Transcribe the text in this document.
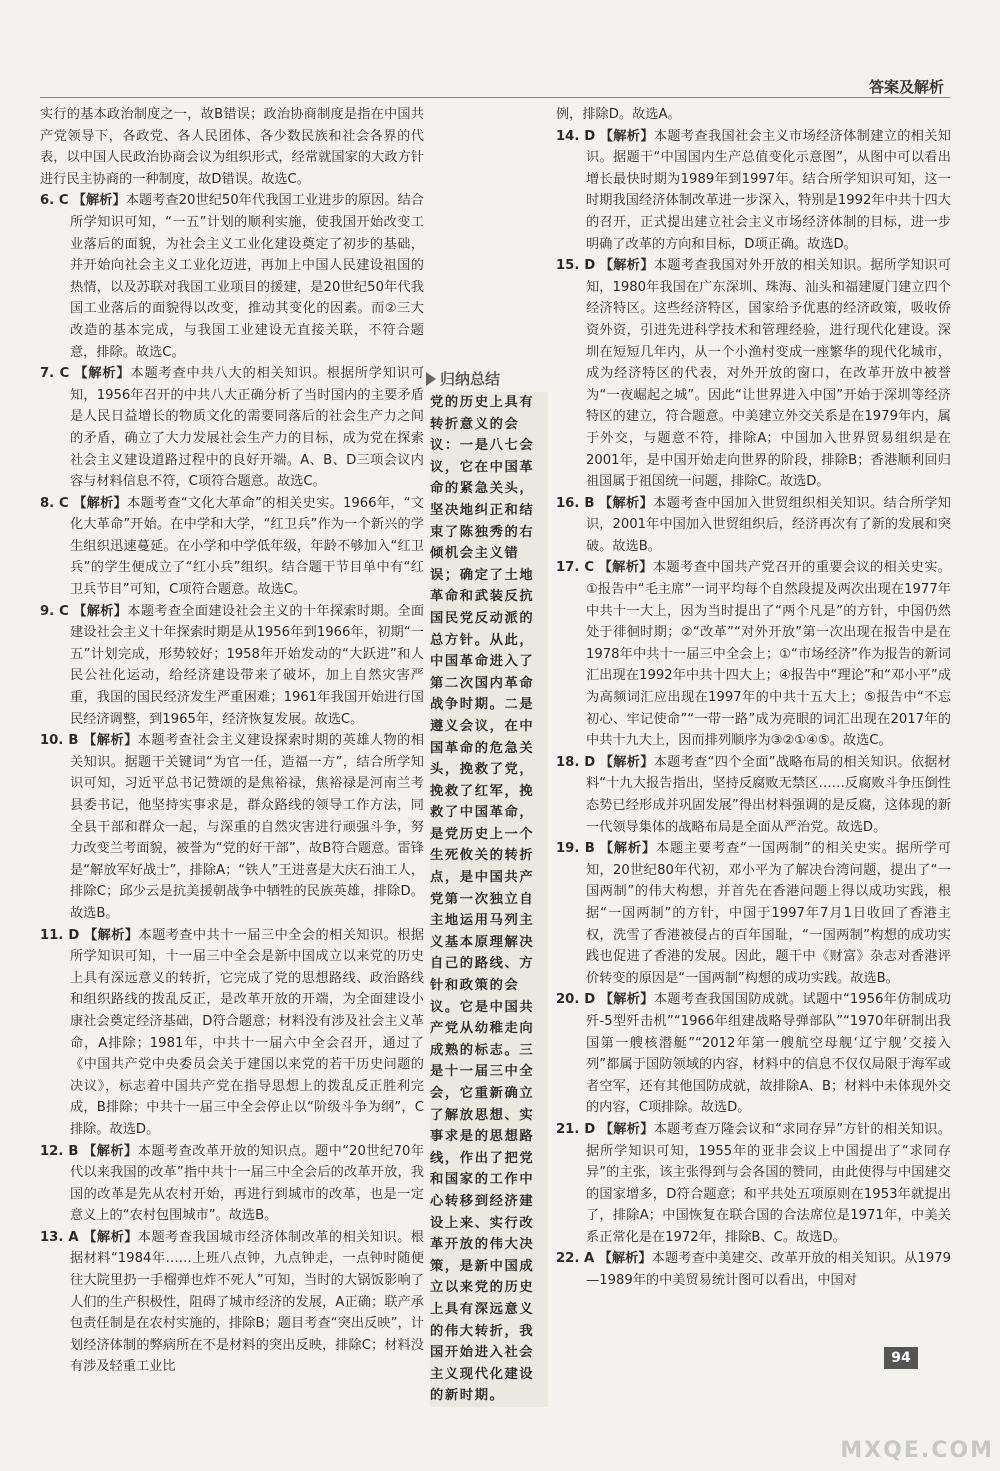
答案及解析

实行的基本政治制度之一，故B错误；政治协商制度是指在中国共产党领导下，各政党、各人民团体、各少数民族和社会各界的代表，以中国人民政治协商会议为组织形式，经常就国家的大政方针进行民主协商的一种制度，故D错误。故选C。

6. C 【解析】本题考查20世纪50年代我国工业进步的原因。结合所学知识可知，“一五”计划的顺利实施，使我国开始改变工业落后的面貌，为社会主义工业化建设奠定了初步的基础，并开始向社会主义工业化迈进，再加上中国人民建设祖国的热情，以及苏联对我国工业项目的援建，是20世纪50年代我国工业落后的面貌得以改变，推动其变化的因素。而②三大改造的基本完成，与我国工业建设无直接关联，不符合题意，排除。故选C。

7. C 【解析】本题考查中共八大的相关知识。根据所学知识可知，1956年召开的中共八大正确分析了当时国内的主要矛盾是人民日益增长的物质文化的需要同落后的社会生产力之间的矛盾，确立了大力发展社会生产力的目标，成为党在探索社会主义建设道路过程中的良好开端。A、B、D三项会议内容与材料信息不符，C项符合题意。故选C。

8. C 【解析】本题考查“文化大革命”的相关史实。1966年，“文化大革命”开始。在中学和大学，“红卫兵”作为一个新兴的学生组织迅速蔓延。在小学和中学低年级，年龄不够加入“红卫兵”的学生便成立了“红小兵”组织。结合题干节目单中有“红卫兵节目”可知，C项符合题意。故选C。

9. C 【解析】本题考查全面建设社会主义的十年探索时期。全面建设社会主义十年探索时期是从1956年到1966年，初期“一五”计划完成，形势较好；1958年开始发动的“大跃进”和人民公社化运动，给经济建设带来了破坏，加上自然灾害严重，我国的国民经济发生严重困难；1961年我国开始进行国民经济调整，到1965年，经济恢复发展。故选C。

10. B 【解析】本题考查社会主义建设探索时期的英雄人物的相关知识。据题干关键词“为官一任，造福一方”，结合所学知识可知，习近平总书记赞颂的是焦裕禄，焦裕禄是河南兰考县委书记，他坚持实事求是，群众路线的领导工作方法，同全县干部和群众一起，与深重的自然灾害进行顽强斗争，努力改变兰考面貌，被誉为“党的好干部”，故B符合题意。雷锋是“解放军好战士”，排除A；“铁人”王进喜是大庆石油工人，排除C；邱少云是抗美援朝战争中牺牲的民族英雄，排除D。故选B。

11. D 【解析】本题考查中共十一届三中全会的相关知识。根据所学知识可知，十一届三中全会是新中国成立以来党的历史上具有深远意义的转折，它完成了党的思想路线、政治路线和组织路线的拨乱反正，是改革开放的开端，为全面建设小康社会奠定经济基础，D符合题意；材料没有涉及社会主义革命，A排除；1981年，中共十一届六中全会召开，通过了《中国共产党中央委员会关于建国以来党的若干历史问题的决议》，标志着中国共产党在指导思想上的拨乱反正胜利完成，B排除；中共十一届三中全会停止以“阶级斗争为纲”，C排除。故选D。

12. B 【解析】本题考查改革开放的知识点。题中“20世纪70年代以来我国的改革”指中共十一届三中全会后的改革开放，我国的改革是先从农村开始，再进行到城市的改革，也是一定意义上的“农村包围城市”。故选B。

13. A 【解析】本题考查我国城市经济体制改革的相关知识。根据材料“1984年……上班八点钟，九点钟走，一点钟时随便往大院里扔一手榴弹也炸不死人”可知，当时的大锅饭影响了人们的生产积极性，阻碍了城市经济的发展，A正确；联产承包责任制是在农村实施的，排除B；题目考查“突出反映”，计划经济体制的弊病所在不是材料的突出反映，排除C；材料没有涉及轻重工业比

归纳总结
党的历史上具有转折意义的会议：一是八七会议，它在中国革命的紧急关头，坚决地纠正和结束了陈独秀的右倾机会主义错误；确定了土地革命和武装反抗国民党反动派的总方针。从此，中国革命进入了第二次国内革命战争时期。二是遵义会议，在中国革命的危急关头，挽救了党，挽救了红军，挽救了中国革命，是党历史上一个生死攸关的转折点，是中国共产党第一次独立自主地运用马列主义基本原理解决自己的路线、方针和政策的会议。它是中国共产党从幼稚走向成熟的标志。三是十一届三中全会，它重新确立了解放思想、实事求是的思想路线，作出了把党和国家的工作中心转移到经济建设上来、实行改革开放的伟大决策，是新中国成立以来党的历史上具有深远意义的伟大转折，我国开始进入社会主义现代化建设的新时期。

例，排除D。故选A。

14. D 【解析】本题考查我国社会主义市场经济体制建立的相关知识。据题干“中国国内生产总值变化示意图”，从图中可以看出增长最快时期为1989年到1997年。结合所学知识可知，这一时期我国经济体制改革进一步深入，特别是1992年中共十四大的召开，正式提出建立社会主义市场经济体制的目标，进一步明确了改革的方向和目标，D项正确。故选D。

15. D 【解析】本题考查我国对外开放的相关知识。据所学知识可知，1980年我国在广东深圳、珠海、汕头和福建厦门建立四个经济特区。这些经济特区，国家给予优惠的经济政策，吸收侨资外资，引进先进科学技术和管理经验，进行现代化建设。深圳在短短几年内，从一个小渔村变成一座繁华的现代化城市，成为经济特区的代表，对外开放的窗口，在改革开放中被誉为“一夜崛起之城”。因此“让世界进入中国”开始于深圳等经济特区的建立，符合题意。中美建立外交关系是在1979年内，属于外交，与题意不符，排除A；中国加入世界贸易组织是在2001年，是中国开始走向世界的阶段，排除B；香港顺利回归祖国属于祖国统一问题，排除C。故选D。

16. B 【解析】本题考查中国加入世贸组织相关知识。结合所学知识，2001年中国加入世贸组织后，经济再次有了新的发展和突破。故选B。

17. C 【解析】本题考查中国共产党召开的重要会议的相关史实。①报告中“毛主席”一词平均每个自然段提及两次出现在1977年中共十一大上，因为当时提出了“两个凡是”的方针，中国仍然处于徘徊时期；②“改革”“对外开放”第一次出现在报告中是在1978年中共十一届三中全会上；①“市场经济”作为报告的新词汇出现在1992年中共十四大上；④报告中“理论”和“邓小平”成为高频词汇应出现在1997年的中共十五大上；⑤报告中“不忘初心、牢记使命”“一带一路”成为亮眼的词汇出现在2017年的中共十九大上，因而排列顺序为③②①④⑤。故选C。

18. D 【解析】本题考查“四个全面”战略布局的相关知识。依据材料“十九大报告指出，坚持反腐败无禁区……反腐败斗争压倒性态势已经形成并巩固发展”得出材料强调的是反腐，这体现的新一代领导集体的战略布局是全面从严治党。故选D。

19. B 【解析】本题主要考查“一国两制”的相关史实。据所学可知，20世纪80年代初，邓小平为了解决台湾问题，提出了“一国两制”的伟大构想，并首先在香港问题上得以成功实践，根据“一国两制”的方针，中国于1997年7月1日收回了香港主权，洗雪了香港被侵占的百年国耻，“一国两制”构想的成功实践也促进了香港的发展。因此，题干中《财富》杂志对香港评价转变的原因是“一国两制”构想的成功实践。故选B。

20. D 【解析】本题考查我国国防成就。试题中“1956年仿制成功歼-5型歼击机”“1966年组建战略导弹部队”“1970年研制出我国第一艘核潜艇”“2012年第一艘航空母舰‘辽宁舰’交接入列”都属于国防领域的内容，材料中的信息不仅仅局限于海军或者空军，还有其他国防成就，故排除A、B；材料中未体现外交的内容，C项排除。故选D。

21. D 【解析】本题考查万隆会议和“求同存异”方针的相关知识。据所学知识可知，1955年的亚非会议上中国提出了“求同存异”的主张，该主张得到与会各国的赞同，由此使得与中国建交的国家增多，D符合题意；和平共处五项原则在1953年就提出了，排除A；中国恢复在联合国的合法席位是1971年，中美关系正常化是在1972年，排除B、C。故选D。

22. A 【解析】本题考查中美建交、改革开放的相关知识。从1979—1989年的中美贸易统计图可以看出，中国对

94
MXQE.COM
